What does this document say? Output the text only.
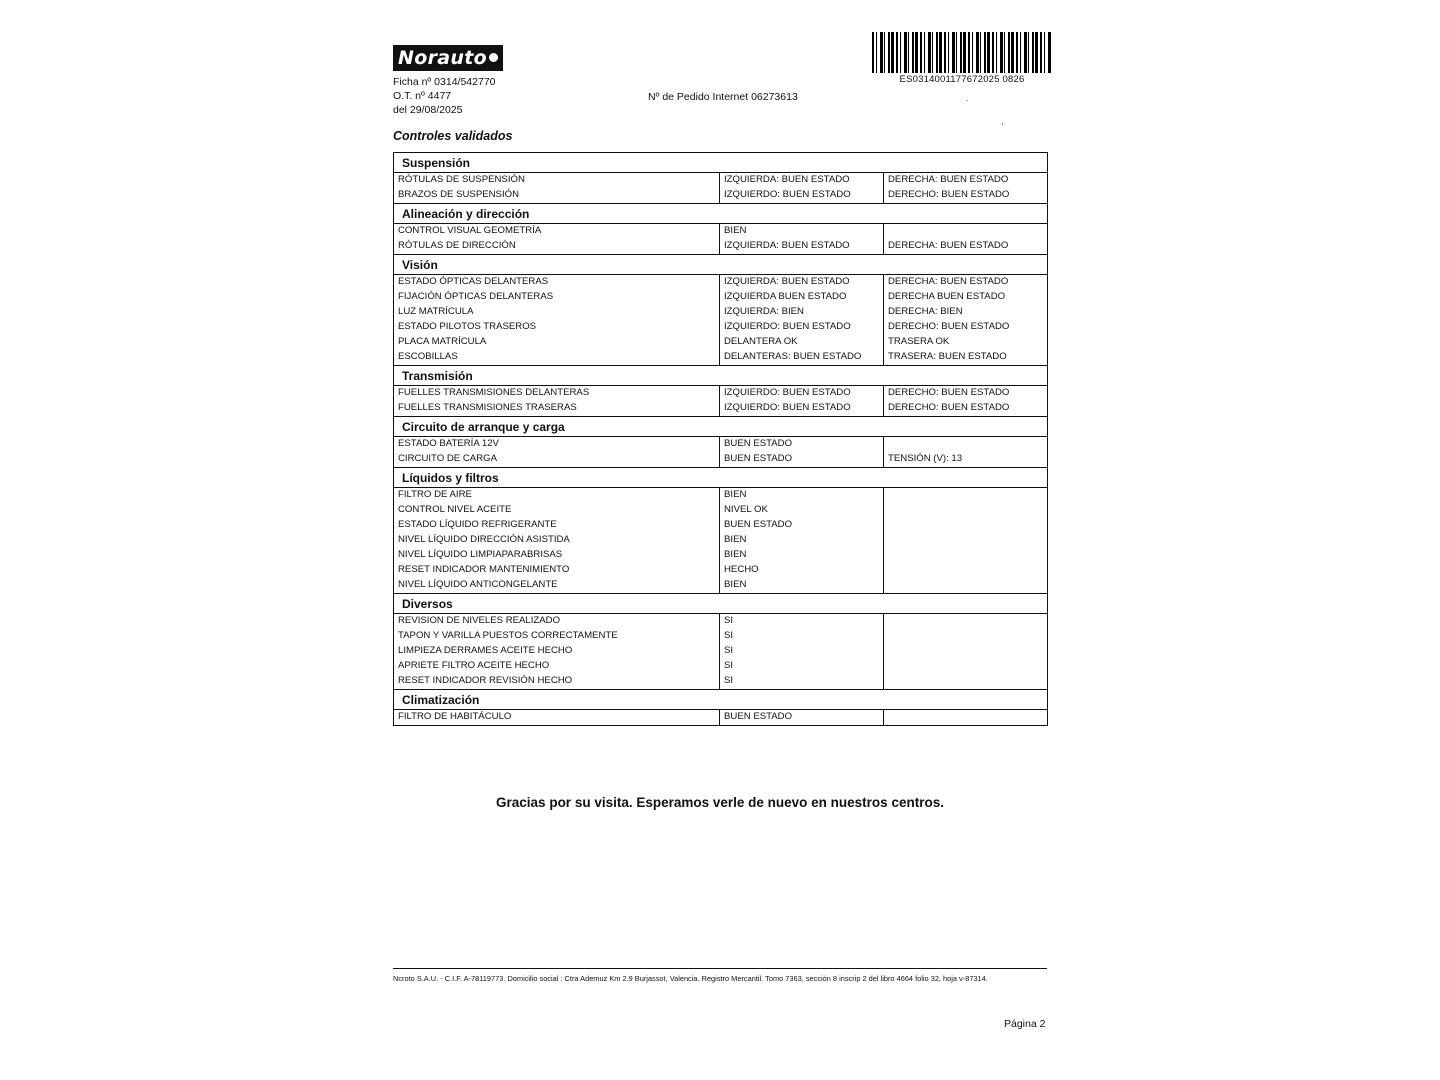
Norauto
Ficha nº 0314/542770
O.T. nº 4477
del 29/08/2025
Nº de Pedido Internet 06273613
ES0314001177672025 0826
.
,
Controles validados
Suspensión		
RÓTULAS DE SUSPENSIÓN	IZQUIERDA: BUEN ESTADO	DERECHA: BUEN ESTADO
BRAZOS DE SUSPENSIÓN	IZQUIERDO: BUEN ESTADO	DERECHO: BUEN ESTADO
Alineación y dirección		
CONTROL VISUAL GEOMETRÍA	BIEN	
RÓTULAS DE DIRECCIÓN	IZQUIERDA: BUEN ESTADO	DERECHA: BUEN ESTADO
Visión		
ESTADO ÓPTICAS DELANTERAS	IZQUIERDA: BUEN ESTADO	DERECHA: BUEN ESTADO
FIJACIÓN ÓPTICAS DELANTERAS	IZQUIERDA BUEN ESTADO	DERECHA BUEN ESTADO
LUZ MATRÍCULA	IZQUIERDA: BIEN	DERECHA: BIEN
ESTADO PILOTOS TRASEROS	IZQUIERDO: BUEN ESTADO	DERECHO: BUEN ESTADO
PLACA MATRÍCULA	DELANTERA OK	TRASERA OK
ESCOBILLAS	DELANTERAS: BUEN ESTADO	TRASERA: BUEN ESTADO
Transmisión		
FUELLES TRANSMISIONES DELANTERAS	IZQUIERDO: BUEN ESTADO	DERECHO: BUEN ESTADO
FUELLES TRANSMISIONES TRASERAS	IZQUIERDO: BUEN ESTADO	DERECHO: BUEN ESTADO
Circuito de arranque y carga		
ESTADO BATERÍA 12V	BUEN ESTADO	
CIRCUITO DE CARGA	BUEN ESTADO	TENSIÓN (V): 13
Líquidos y filtros		
FILTRO DE AIRE	BIEN	
CONTROL NIVEL ACEITE	NIVEL OK	
ESTADO LÍQUIDO REFRIGERANTE	BUEN ESTADO	
NIVEL LÍQUIDO DIRECCIÓN ASISTIDA	BIEN	
NIVEL LÍQUIDO LIMPIAPARABRISAS	BIEN	
RESET INDICADOR MANTENIMIENTO	HECHO	
NIVEL LÍQUIDO ANTICONGELANTE	BIEN	
Diversos		
REVISION DE NIVELES REALIZADO	SI	
TAPON Y VARILLA PUESTOS CORRECTAMENTE	SI	
LIMPIEZA DERRAMES ACEITE HECHO	SI	
APRIETE FILTRO ACEITE HECHO	SI	
RESET INDICADOR REVISIÓN HECHO	SI	
Climatización		
FILTRO DE HABITÁCULO	BUEN ESTADO	
Gracias por su visita. Esperamos verle de nuevo en nuestros centros.
Ncroto S.A.U. - C.I.F. A-78119773. Domicilio social : Ctra Ademuz Km 2.9 Burjassot, Valencia. Registro Mercantil. Tomo 7363, sección 8 inscrip 2 del libro 4664 folio 32, hoja v-87314.
Página 2
